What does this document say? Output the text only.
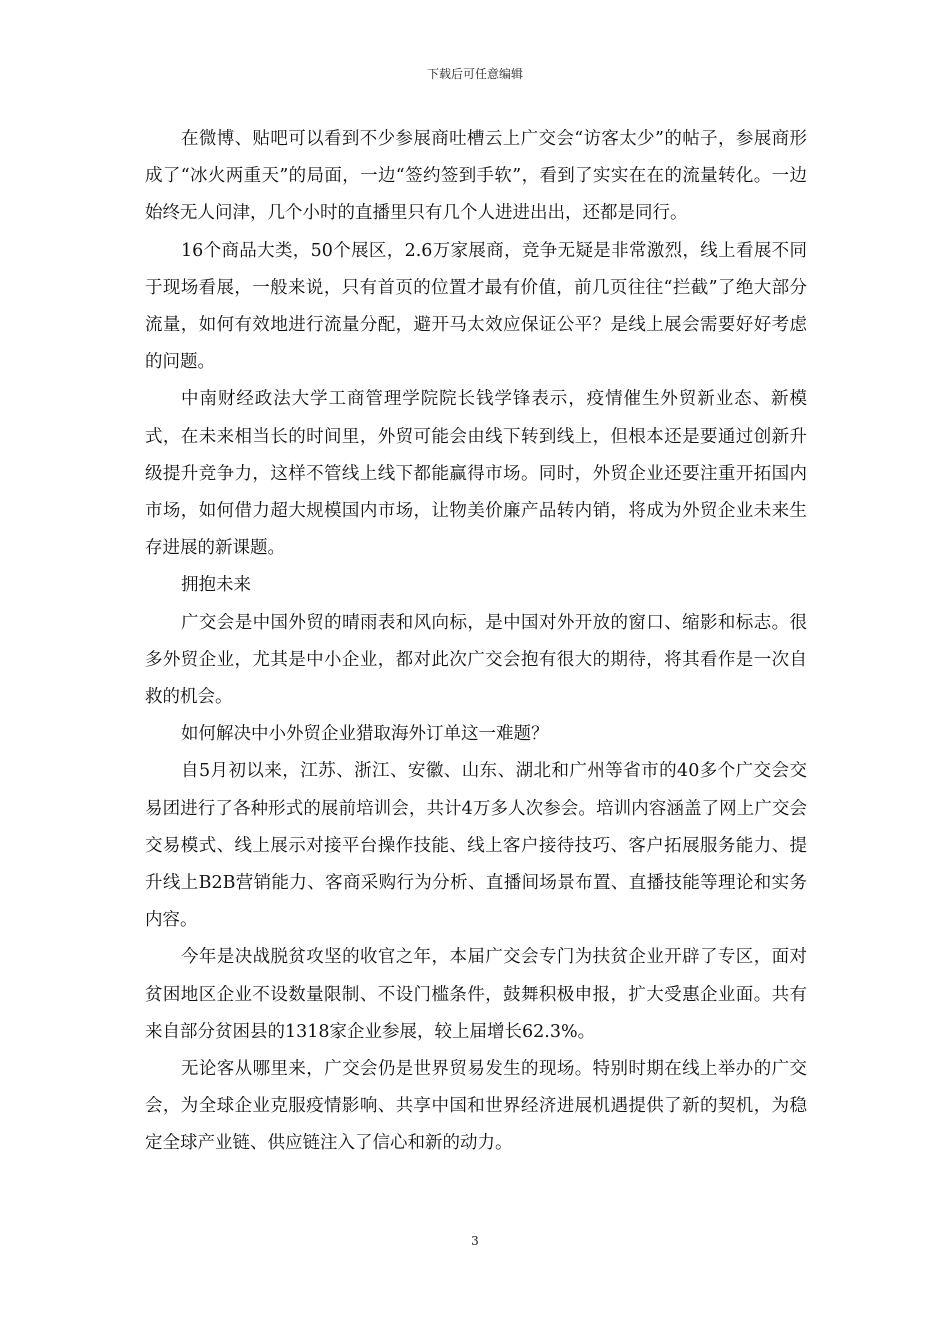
下载后可任意编辑

在微博、贴吧可以看到不少参展商吐槽云上广交会“访客太少”的帖子，参展商形成了“冰火两重天”的局面，一边“签约签到手软”，看到了实实在在的流量转化。一边始终无人问津，几个小时的直播里只有几个人进进出出，还都是同行。

16个商品大类，50个展区，2.6万家展商，竞争无疑是非常激烈，线上看展不同于现场看展，一般来说，只有首页的位置才最有价值，前几页往往“拦截”了绝大部分流量，如何有效地进行流量分配，避开马太效应保证公平？是线上展会需要好好考虑的问题。

中南财经政法大学工商管理学院院长钱学锋表示，疫情催生外贸新业态、新模式，在未来相当长的时间里，外贸可能会由线下转到线上，但根本还是要通过创新升级提升竞争力，这样不管线上线下都能赢得市场。同时，外贸企业还要注重开拓国内市场，如何借力超大规模国内市场，让物美价廉产品转内销，将成为外贸企业未来生存进展的新课题。

拥抱未来

广交会是中国外贸的晴雨表和风向标，是中国对外开放的窗口、缩影和标志。很多外贸企业，尤其是中小企业，都对此次广交会抱有很大的期待，将其看作是一次自救的机会。

如何解决中小外贸企业猎取海外订单这一难题？

自5月初以来，江苏、浙江、安徽、山东、湖北和广州等省市的40多个广交会交易团进行了各种形式的展前培训会，共计4万多人次参会。培训内容涵盖了网上广交会交易模式、线上展示对接平台操作技能、线上客户接待技巧、客户拓展服务能力、提升线上B2B营销能力、客商采购行为分析、直播间场景布置、直播技能等理论和实务内容。

今年是决战脱贫攻坚的收官之年，本届广交会专门为扶贫企业开辟了专区，面对贫困地区企业不设数量限制、不设门槛条件，鼓舞积极申报，扩大受惠企业面。共有来自部分贫困县的1318家企业参展，较上届增长62.3%。

无论客从哪里来，广交会仍是世界贸易发生的现场。特别时期在线上举办的广交会，为全球企业克服疫情影响、共享中国和世界经济进展机遇提供了新的契机，为稳定全球产业链、供应链注入了信心和新的动力。

3
